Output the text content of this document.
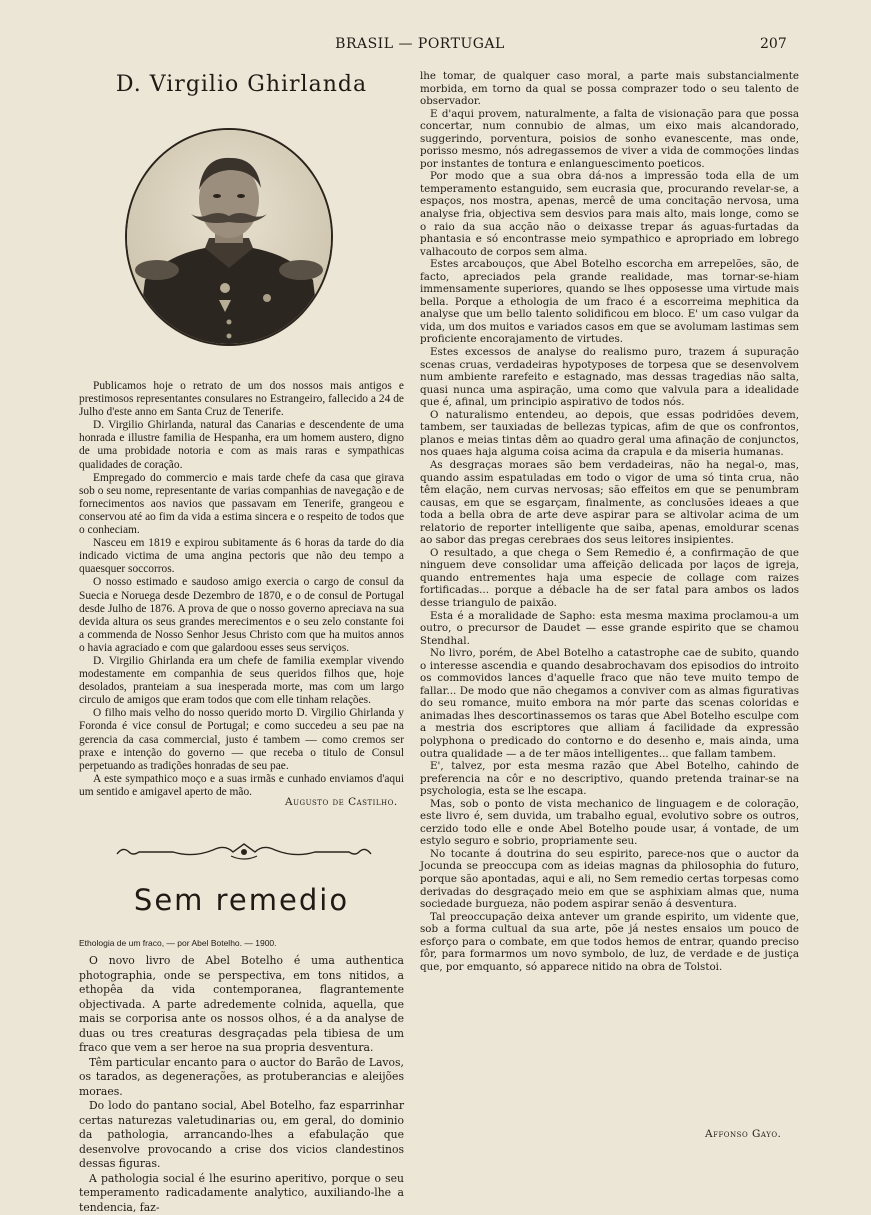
BRASIL — PORTUGAL	207
D. Virgilio Ghirlanda

Publicamos hoje o retrato de um dos nossos mais antigos e prestimosos representantes consulares no Estrangeiro, fallecido a 24 de Julho d'este anno em Santa Cruz de Tenerife.

D. Virgilio Ghirlanda, natural das Canarias e descendente de uma honrada e illustre familia de Hespanha, era um homem austero, digno de uma probidade notoria e com as mais raras e sympathicas qualidades de coração.

Empregado do commercio e mais tarde chefe da casa que girava sob o seu nome, representante de varias companhias de navegação e de fornecimentos aos navios que passavam em Tenerife, grangeou e conservou até ao fim da vida a estima sincera e o respeito de todos que o conheciam.

Nasceu em 1819 e expirou subitamente ás 6 horas da tarde do dia indicado victima de uma angina pectoris que não deu tempo a quaesquer soccorros.

O nosso estimado e saudoso amigo exercia o cargo de consul da Suecia e Noruega desde Dezembro de 1870, e o de consul de Portugal desde Julho de 1876. A prova de que o nosso governo apreciava na sua devida altura os seus grandes merecimentos e o seu zelo constante foi a commenda de Nosso Senhor Jesus Christo com que ha muitos annos o havia agraciado e com que galardoou esses seus serviços.

D. Virgilio Ghirlanda era um chefe de familia exemplar vivendo modestamente em companhia de seus queridos filhos que, hoje desolados, pranteiam a sua inesperada morte, mas com um largo circulo de amigos que eram todos que com elle tinham relações.

O filho mais velho do nosso querido morto D. Virgilio Ghirlanda y Foronda é vice consul de Portugal; e como succedeu a seu pae na gerencia da casa commercial, justo é tambem — como cremos ser praxe e intenção do governo — que receba o titulo de Consul perpetuando as tradições honradas de seu pae.

A este sympathico moço e a suas irmãs e cunhado enviamos d'aqui um sentido e amigavel aperto de mão.

Augusto de Castilho.
Sem remedio
Ethologia de um fraco, — por Abel Botelho. — 1900.

O novo livro de Abel Botelho é uma authentica photographia, onde se perspectiva, em tons nitidos, a ethopêa da vida contemporanea, flagrantemente objectivada. A parte adredemente colnida, aquella, que mais se corporisa ante os nossos olhos, é a da analyse de duas ou tres creaturas desgraçadas pela tibiesa de um fraco que vem a ser heroe na sua propria desventura.

Têm particular encanto para o auctor do Barão de Lavos, os tarados, as degenerações, as protuberancias e aleijões moraes.

Do lodo do pantano social, Abel Botelho, faz esparrinhar certas naturezas valetudinarias ou, em geral, do dominio da pathologia, arrancando-lhes a efabulação que desenvolve provocando a crise dos vicios clandestinos dessas figuras.

A pathologia social é lhe esurino aperitivo, porque o seu temperamento radicadamente analytico, auxiliando-lhe a tendencia, faz-

lhe tomar, de qualquer caso moral, a parte mais substancialmente morbida, em torno da qual se possa comprazer todo o seu talento de observador.

E d'aqui provem, naturalmente, a falta de visionação para que possa concertar, num connubio de almas, um eixo mais alcandorado, suggerindo, porventura, poisios de sonho evanescente, mas onde, porisso mesmo, nós adregassemos de viver a vida de commoções lindas por instantes de tontura e enlanguescimento poeticos.

Por modo que a sua obra dá-nos a impressão toda ella de um temperamento estanguido, sem eucrasia que, procurando revelar-se, a espaços, nos mostra, apenas, mercê de uma concitação nervosa, uma analyse fria, objectiva sem desvios para mais alto, mais longe, como se o raio da sua acção não o deixasse trepar ás aguas-furtadas da phantasia e só encontrasse meio sympathico e apropriado em lobrego valhacouto de corpos sem alma.

Estes arcabouços, que Abel Botelho escorcha em arrepelões, são, de facto, apreciados pela grande realidade, mas tornar-se-hiam immensamente superiores, quando se lhes opposesse uma virtude mais bella. Porque a ethologia de um fraco é a escorreima mephitica da analyse que um bello talento solidificou em bloco. E' um caso vulgar da vida, um dos muitos e variados casos em que se avolumam lastimas sem proficiente encorajamento de virtudes.

Estes excessos de analyse do realismo puro, trazem á supuração scenas cruas, verdadeiras hypotyposes de torpesa que se desenvolvem num ambiente rarefeito e estagnado, mas dessas tragedias não salta, quasi nunca uma aspiração, uma como que valvula para a idealidade que é, afinal, um principio aspirativo de todos nós.

O naturalismo entendeu, ao depois, que essas podridões devem, tambem, ser tauxiadas de bellezas typicas, afim de que os confrontos, planos e meias tintas dêm ao quadro geral uma afinação de conjunctos, nos quaes haja alguma coisa acima da crapula e da miseria humanas.

As desgraças moraes são bem verdadeiras, não ha negal-o, mas, quando assim espatuladas em todo o vigor de uma só tinta crua, não têm elação, nem curvas nervosas; são effeitos em que se penumbram causas, em que se esgarçam, finalmente, as conclusões ideaes a que toda a bella obra de arte deve aspirar para se altivolar acima de um relatorio de reporter intelligente que saiba, apenas, emoldurar scenas ao sabor das pregas cerebraes dos seus leitores insipientes.

O resultado, a que chega o Sem Remedio é, a confirmação de que ninguem deve consolidar uma affeição delicada por laços de igreja, quando entrementes haja uma especie de collage com raizes fortificadas... porque a débacle ha de ser fatal para ambos os lados desse triangulo de paixão.

Esta é a moralidade de Sapho: esta mesma maxima proclamou-a um outro, o precursor de Daudet — esse grande espirito que se chamou Stendhal.

No livro, porém, de Abel Botelho a catastrophe cae de subito, quando o interesse ascendia e quando desabrochavam dos episodios do introito os commovidos lances d'aquelle fraco que não teve muito tempo de fallar... De modo que não chegamos a conviver com as almas figurativas do seu romance, muito embora na mór parte das scenas coloridas e animadas lhes descortinassemos os taras que Abel Botelho esculpe com a mestria dos escriptores que alliam á facilidade da expressão polyphona o predicado do contorno e do desenho e, mais ainda, uma outra qualidade — a de ter mãos intelligentes... que fallam tambem.

E', talvez, por esta mesma razão que Abel Botelho, cahindo de preferencia na côr e no descriptivo, quando pretenda trainar-se na psychologia, esta se lhe escapa.

Mas, sob o ponto de vista mechanico de linguagem e de coloração, este livro é, sem duvida, um trabalho egual, evolutivo sobre os outros, cerzido todo elle e onde Abel Botelho poude usar, á vontade, de um estylo seguro e sobrio, propriamente seu.

No tocante á doutrina do seu espirito, parece-nos que o auctor da Jocunda se preoccupa com as ideias magnas da philosophia do futuro, porque são apontadas, aqui e ali, no Sem remedio certas torpesas como derivadas do desgraçado meio em que se asphixiam almas que, numa sociedade burgueza, não podem aspirar senão á desventura.

Tal preoccupação deixa antever um grande espirito, um vidente que, sob a forma cultual da sua arte, põe já nestes ensaios um pouco de esforço para o combate, em que todos hemos de entrar, quando preciso fôr, para formarmos um novo symbolo, de luz, de verdade e de justiça que, por emquanto, só apparece nitido na obra de Tolstoi.

Affonso Gayo.
